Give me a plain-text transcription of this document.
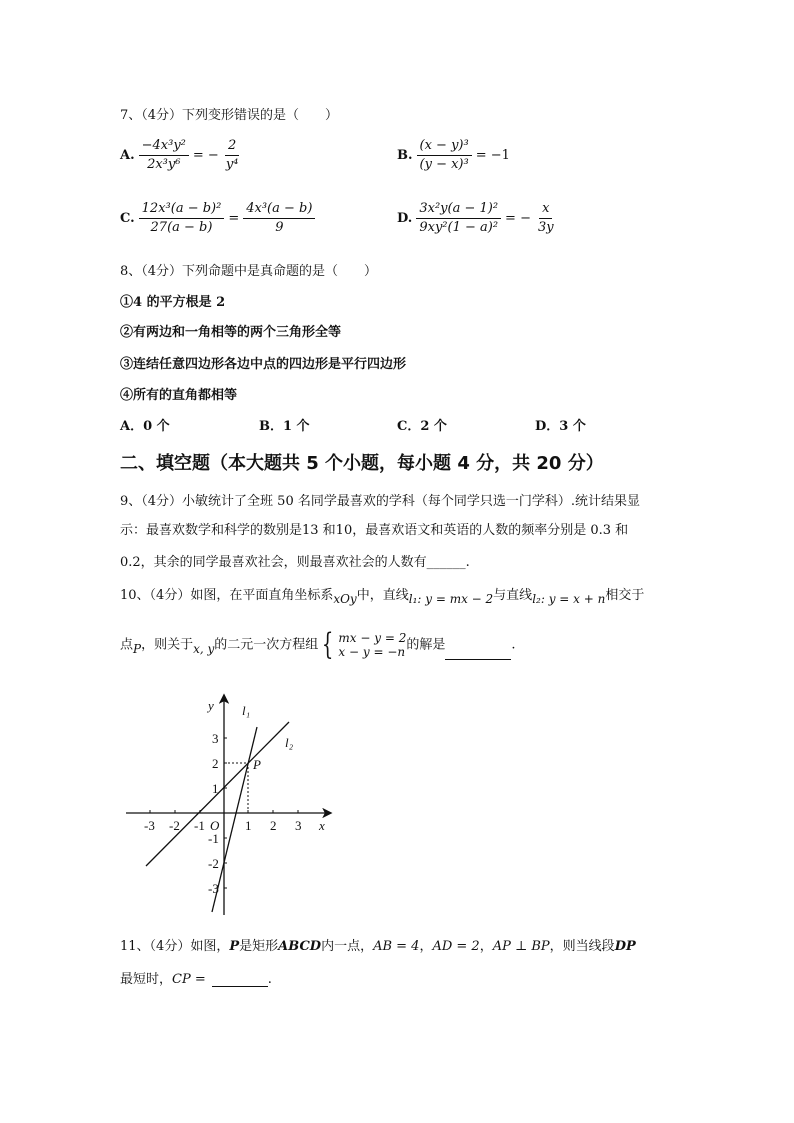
7、（4分）下列变形错误的是（　　）
A. $\frac{\text{−4x³y²}}{\text{2x³y⁶}}$ = − $\frac{2}{\text{y⁴}}$	B. $\frac{\text{(x − y)³}}{\text{(y − x)³}} = -1$
C. $\frac{\text{12x³(a − b)²}}{27(a - b)} = \frac{\text{4x³(a − b)}}{9}$	D. $\frac{\text{3x²y(a − 1)²}}{\text{9xy²(1 − a)²}}$ = − $\frac{x}{3y}$
8、（4分）下列命题中是真命题的是（　　）
①4 的平方根是 2
②有两边和一角相等的两个三角形全等
③连结任意四边形各边中点的四边形是平行四边形
④所有的直角都相等
A．0 个	B．1 个	C．2 个	D．3 个
二、填空题（本大题共 5 个小题，每小题 4 分，共 20 分）
9、（4分）小敏统计了全班 50 名同学最喜欢的学科（每个同学只选一门学科）.统计结果显
示：最喜欢数学和科学的数别是13 和10，最喜欢语文和英语的人数的频率分别是 0.3 和
0.2，其余的同学最喜欢社会，则最喜欢社会的人数有______.
10、（4分）如图，在平面直角坐标系xOy中，直线l₁: y = mx − 2与直线l₂: y = x + n相交于
点P，则关于x, y的二元一次方程组 { mx − y = 2
x − y = −n 的解是	.
-3 -2 -1	1 2 3
3
2
1
-1
-2
-3
O	x
y
P
l₁
l₂
11、（4分）如图，P是矩形ABCD内一点，AB = 4，AD = 2，AP ⊥ BP，则当线段DP
最短时，CP =	.
